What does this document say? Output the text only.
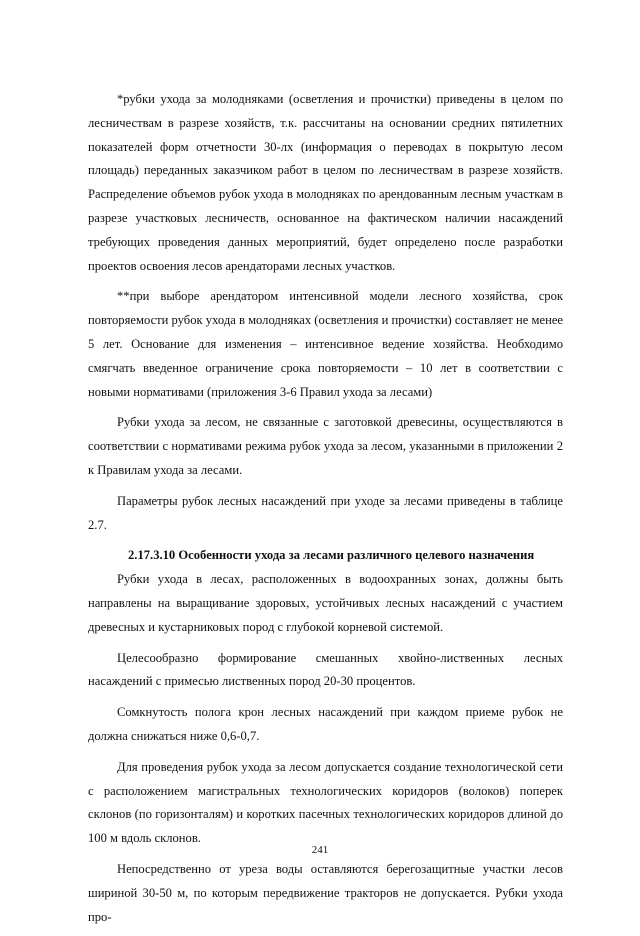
*рубки ухода за молодняками (осветления и прочистки) приведены в целом по лесничествам в разрезе хозяйств, т.к. рассчитаны на основании средних пятилетних показателей форм отчетности 30-лх (информация о переводах в покрытую лесом площадь) переданных заказчиком работ в целом по лесничествам в разрезе хозяйств. Распределение объемов рубок ухода в молодняках по арендованным лесным участкам в разрезе участковых лесничеств, основанное на фактическом наличии насаждений требующих проведения данных мероприятий, будет определено после разработки проектов освоения лесов арендаторами лесных участков.

**при выборе арендатором интенсивной модели лесного хозяйства, срок повторяемости рубок ухода в молодняках (осветления и прочистки) составляет не менее 5 лет. Основание для изменения – интенсивное ведение хозяйства. Необходимо смягчать введенное ограничение срока повторяемости – 10 лет в соответствии с новыми нормативами (приложения 3-6 Правил ухода за лесами)

Рубки ухода за лесом, не связанные с заготовкой древесины, осуществляются в соответствии с нормативами режима рубок ухода за лесом, указанными в приложении 2 к Правилам ухода за лесами.

Параметры рубок лесных насаждений при уходе за лесами приведены в таблице 2.7.

2.17.3.10 Особенности ухода за лесами различного целевого назначения

Рубки ухода в лесах, расположенных в водоохранных зонах, должны быть направлены на выращивание здоровых, устойчивых лесных насаждений с участием древесных и кустарниковых пород с глубокой корневой системой.

Целесообразно формирование смешанных хвойно-лиственных лесных насаждений с примесью лиственных пород 20-30 процентов.

Сомкнутость полога крон лесных насаждений при каждом приеме рубок не должна снижаться ниже 0,6-0,7.

Для проведения рубок ухода за лесом допускается создание технологической сети с расположением магистральных технологических коридоров (волоков) поперек склонов (по горизонталям) и коротких пасечных технологических коридоров длиной до 100 м вдоль склонов.

Непосредственно от уреза воды оставляются берегозащитные участки лесов шириной 30-50 м, по которым передвижение тракторов не допускается. Рубки ухода про-

241
